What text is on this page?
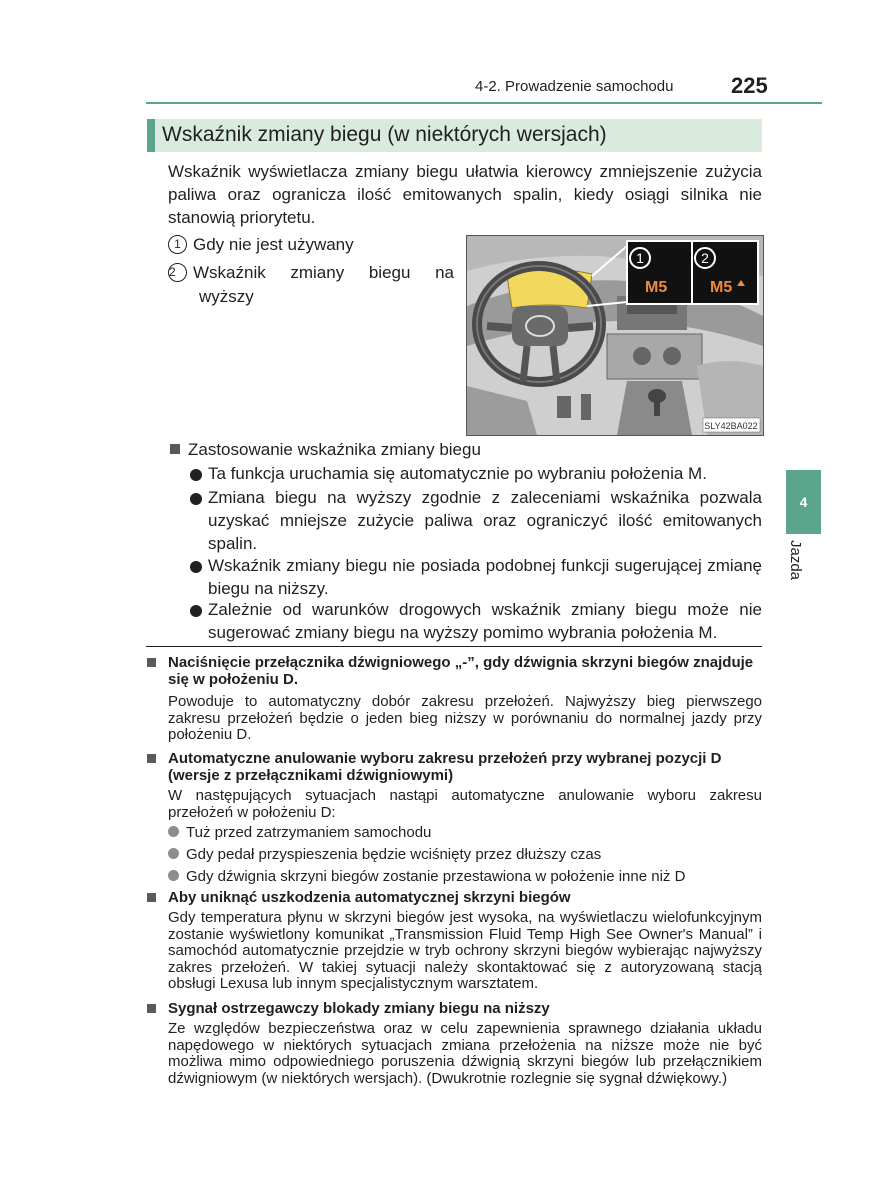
4-2. Prowadzenie samochodu	225
Wskaźnik zmiany biegu (w niektórych wersjach)
Wskaźnik wyświetlacza zmiany biegu ułatwia kierowcy zmniejszenie zużycia paliwa oraz ogranicza ilość emitowanych spalin, kiedy osiągi silnika nie stanowią priorytetu.
1 Gdy nie jest używany
2 Wskaźnik zmiany biegu na
wyższy
1	2
M5	M5
SLY42BA022
Zastosowanie wskaźnika zmiany biegu
Ta funkcja uruchamia się automatycznie po wybraniu położenia M.
Zmiana biegu na wyższy zgodnie z zaleceniami wskaźnika pozwala uzyskać mniejsze zużycie paliwa oraz ograniczyć ilość emitowanych spalin.
Wskaźnik zmiany biegu nie posiada podobnej funkcji sugerującej zmianę biegu na niższy.
Zależnie od warunków drogowych wskaźnik zmiany biegu może nie sugerować zmiany biegu na wyższy pomimo wybrania położenia M.
Naciśnięcie przełącznika dźwigniowego „-”, gdy dźwignia skrzyni biegów znajduje się w położeniu D.
Powoduje to automatyczny dobór zakresu przełożeń. Najwyższy bieg pierwszego zakresu przełożeń będzie o jeden bieg niższy w porównaniu do normalnej jazdy przy położeniu D.
Automatyczne anulowanie wyboru zakresu przełożeń przy wybranej pozycji D (wersje z przełącznikami dźwigniowymi)
W następujących sytuacjach nastąpi automatyczne anulowanie wyboru zakresu przełożeń w położeniu D:
Tuż przed zatrzymaniem samochodu
Gdy pedał przyspieszenia będzie wciśnięty przez dłuższy czas
Gdy dźwignia skrzyni biegów zostanie przestawiona w położenie inne niż D
Aby uniknąć uszkodzenia automatycznej skrzyni biegów
Gdy temperatura płynu w skrzyni biegów jest wysoka, na wyświetlaczu wielofunkcyjnym zostanie wyświetlony komunikat „Transmission Fluid Temp High See Owner's Manual” i samochód automatycznie przejdzie w tryb ochrony skrzyni biegów wybierając najwyższy zakres przełożeń. W takiej sytuacji należy skontaktować się z autoryzowaną stacją obsługi Lexusa lub innym specjalistycznym warsztatem.
Sygnał ostrzegawczy blokady zmiany biegu na niższy
Ze względów bezpieczeństwa oraz w celu zapewnienia sprawnego działania układu napędowego w niektórych sytuacjach zmiana przełożenia na niższe może nie być możliwa mimo odpowiedniego poruszenia dźwignią skrzyni biegów lub przełącznikiem dźwigniowym (w niektórych wersjach). (Dwukrotnie rozlegnie się sygnał dźwiękowy.)
4
Jazda
